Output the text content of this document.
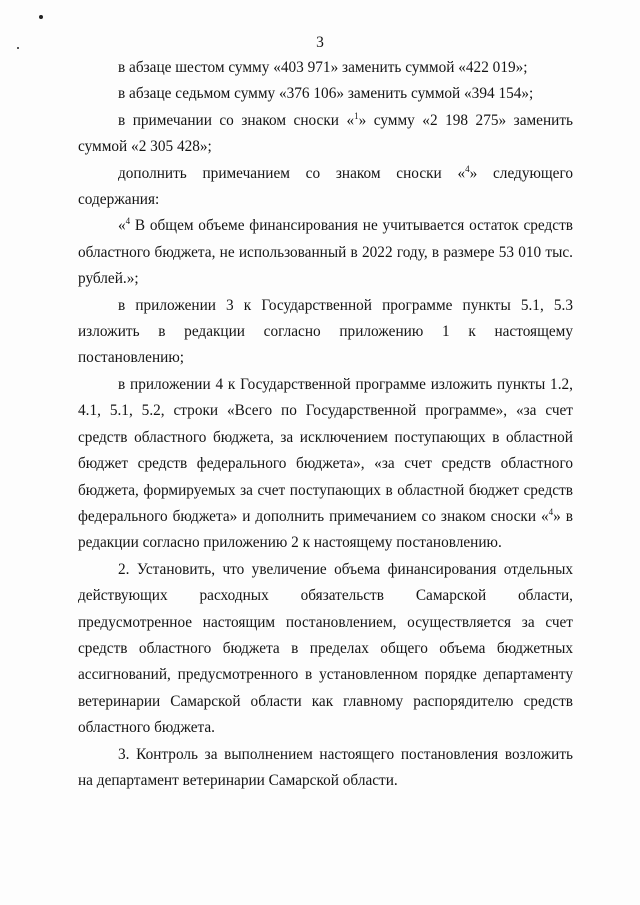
3

в абзаце шестом сумму «403 971» заменить суммой «422 019»;

в абзаце седьмом сумму «376 106» заменить суммой «394 154»;

в примечании со знаком сноски «$^1$» сумму «2 198 275» заменить суммой «2 305 428»;

дополнить примечанием со знаком сноски «$^4$» следующего содержания:

«$^4$ В общем объеме финансирования не учитывается остаток средств областного бюджета, не использованный в 2022 году, в размере 53 010 тыс. рублей.»;

в приложении 3 к Государственной программе пункты 5.1, 5.3 изложить в редакции согласно приложению 1 к настоящему постановлению;

в приложении 4 к Государственной программе изложить пункты 1.2, 4.1, 5.1, 5.2, строки «Всего по Государственной программе», «за счет средств областного бюджета, за исключением поступающих в областной бюджет средств федерального бюджета», «за счет средств областного бюджета, формируемых за счет поступающих в областной бюджет средств федерального бюджета» и дополнить примечанием со знаком сноски «$^4$» в редакции согласно приложению 2 к настоящему постановлению.

2. Установить, что увеличение объема финансирования отдельных действующих расходных обязательств Самарской области, предусмотренное настоящим постановлением, осуществляется за счет средств областного бюджета в пределах общего объема бюджетных ассигнований, предусмотренного в установленном порядке департаменту ветеринарии Самарской области как главному распорядителю средств областного бюджета.

3. Контроль за выполнением настоящего постановления возложить на департамент ветеринарии Самарской области.
